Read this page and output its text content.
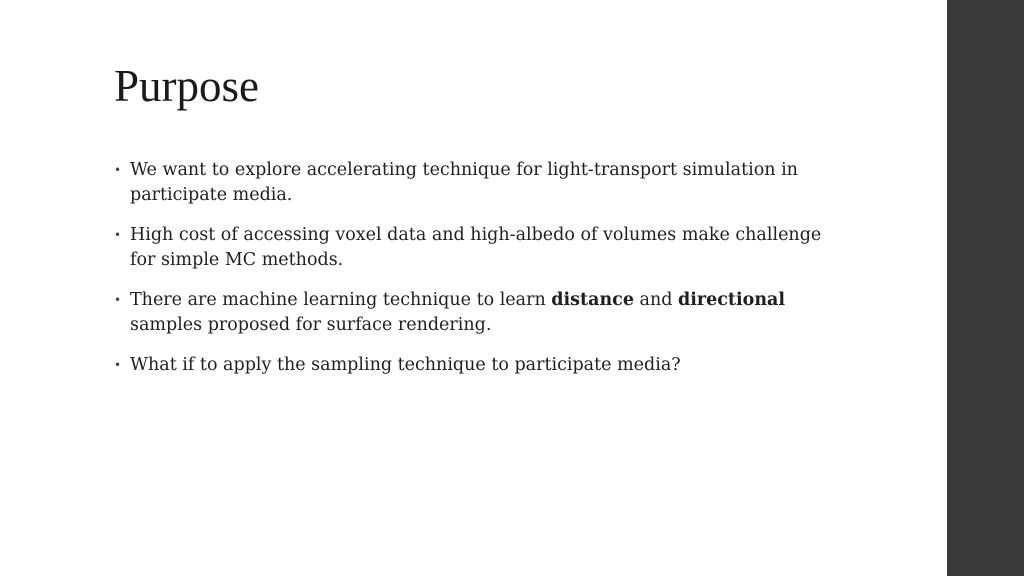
Purpose
• We want to explore accelerating technique for light-transport simulation in participate media.
• High cost of accessing voxel data and high-albedo of volumes make challenge for simple MC methods.
• There are machine learning technique to learn distance and directional samples proposed for surface rendering.
• What if to apply the sampling technique to participate media?
